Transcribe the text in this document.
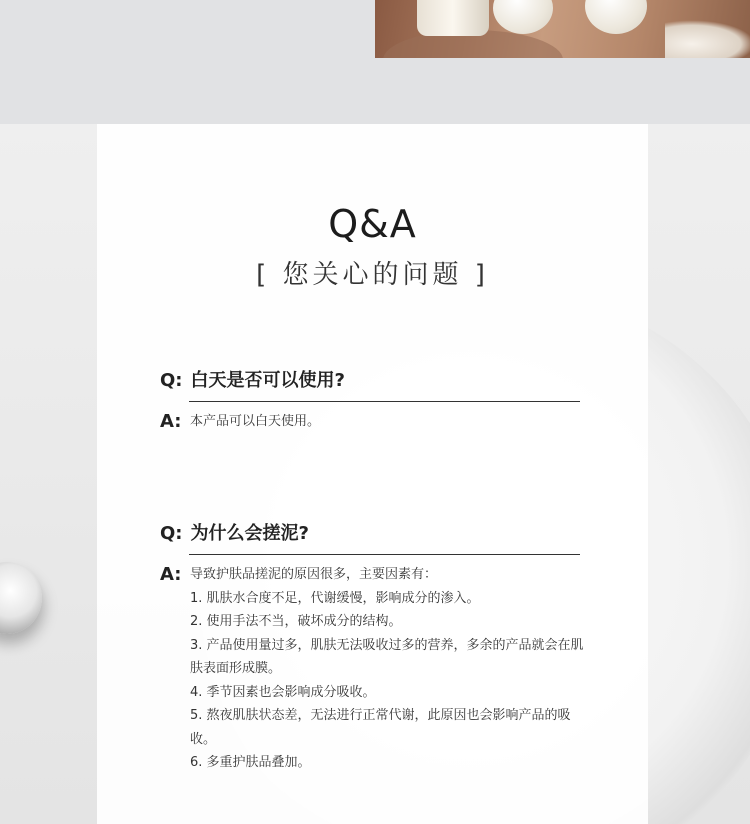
Q&A
[ 您关心的问题 ]
Q: 白天是否可以使用?
A: 本产品可以白天使用。
Q: 为什么会搓泥?
A: 导致护肤品搓泥的原因很多，主要因素有：
1. 肌肤水合度不足，代谢缓慢，影响成分的渗入。
2. 使用手法不当，破坏成分的结构。
3. 产品使用量过多，肌肤无法吸收过多的营养，多余的产品就会在肌肤表面形成膜。
4. 季节因素也会影响成分吸收。
5. 熬夜肌肤状态差，无法进行正常代谢，此原因也会影响产品的吸收。
6. 多重护肤品叠加。
